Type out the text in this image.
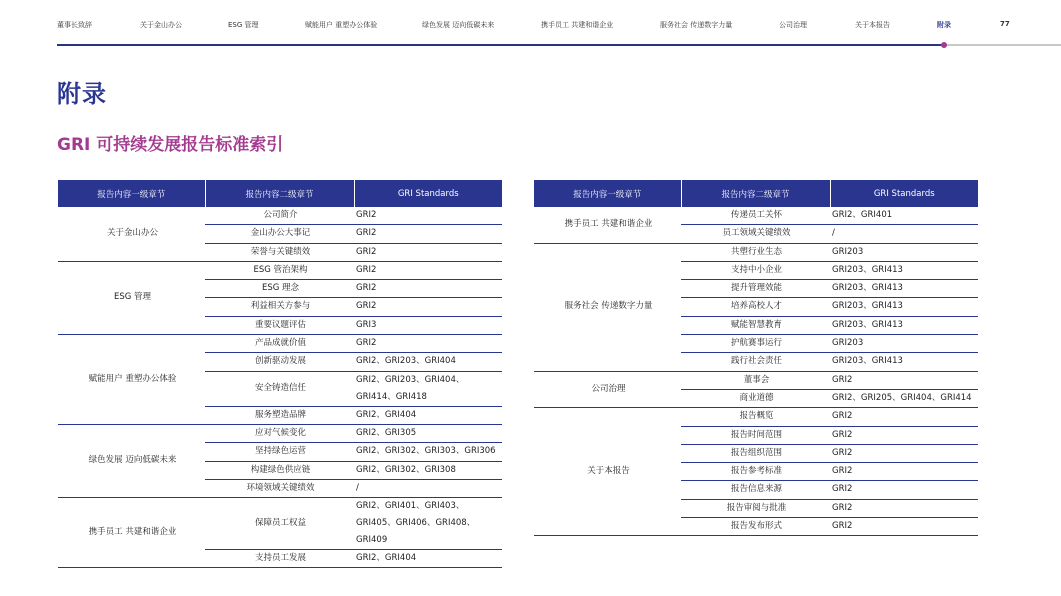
董事长致辞	关于金山办公	ESG 管理	赋能用户 重塑办公体验	绿色发展 迈向低碳未来	携手员工 共建和谐企业	服务社会 传递数字力量	公司治理	关于本报告	附录	77
附录
GRI 可持续发展报告标准索引
报告内容一级章节	报告内容二级章节	GRI Standards
关于金山办公	公司简介	GRI2
	金山办公大事记	GRI2
	荣誉与关键绩效	GRI2
ESG 管理	ESG 管治架构	GRI2
	ESG 理念	GRI2
	利益相关方参与	GRI2
	重要议题评估	GRI3
赋能用户 重塑办公体验	产品成就价值	GRI2
	创新驱动发展	GRI2、GRI203、GRI404
	安全铸造信任	GRI2、GRI203、GRI404、GRI414、GRI418
	服务塑造品牌	GRI2、GRI404
绿色发展 迈向低碳未来	应对气候变化	GRI2、GRI305
	坚持绿色运营	GRI2、GRI302、GRI303、GRI306
	构建绿色供应链	GRI2、GRI302、GRI308
	环境领域关键绩效	/
携手员工 共建和谐企业	保障员工权益	GRI2、GRI401、GRI403、GRI405、GRI406、GRI408、GRI409
	支持员工发展	GRI2、GRI404
报告内容一级章节	报告内容二级章节	GRI Standards
携手员工 共建和谐企业	传递员工关怀	GRI2、GRI401
	员工领域关键绩效	/
服务社会 传递数字力量	共塑行业生态	GRI203
	支持中小企业	GRI203、GRI413
	提升管理效能	GRI203、GRI413
	培养高校人才	GRI203、GRI413
	赋能智慧教育	GRI203、GRI413
	护航赛事运行	GRI203
	践行社会责任	GRI203、GRI413
公司治理	董事会	GRI2
	商业道德	GRI2、GRI205、GRI404、GRI414
关于本报告	报告概览	GRI2
	报告时间范围	GRI2
	报告组织范围	GRI2
	报告参考标准	GRI2
	报告信息来源	GRI2
	报告审阅与批准	GRI2
	报告发布形式	GRI2
